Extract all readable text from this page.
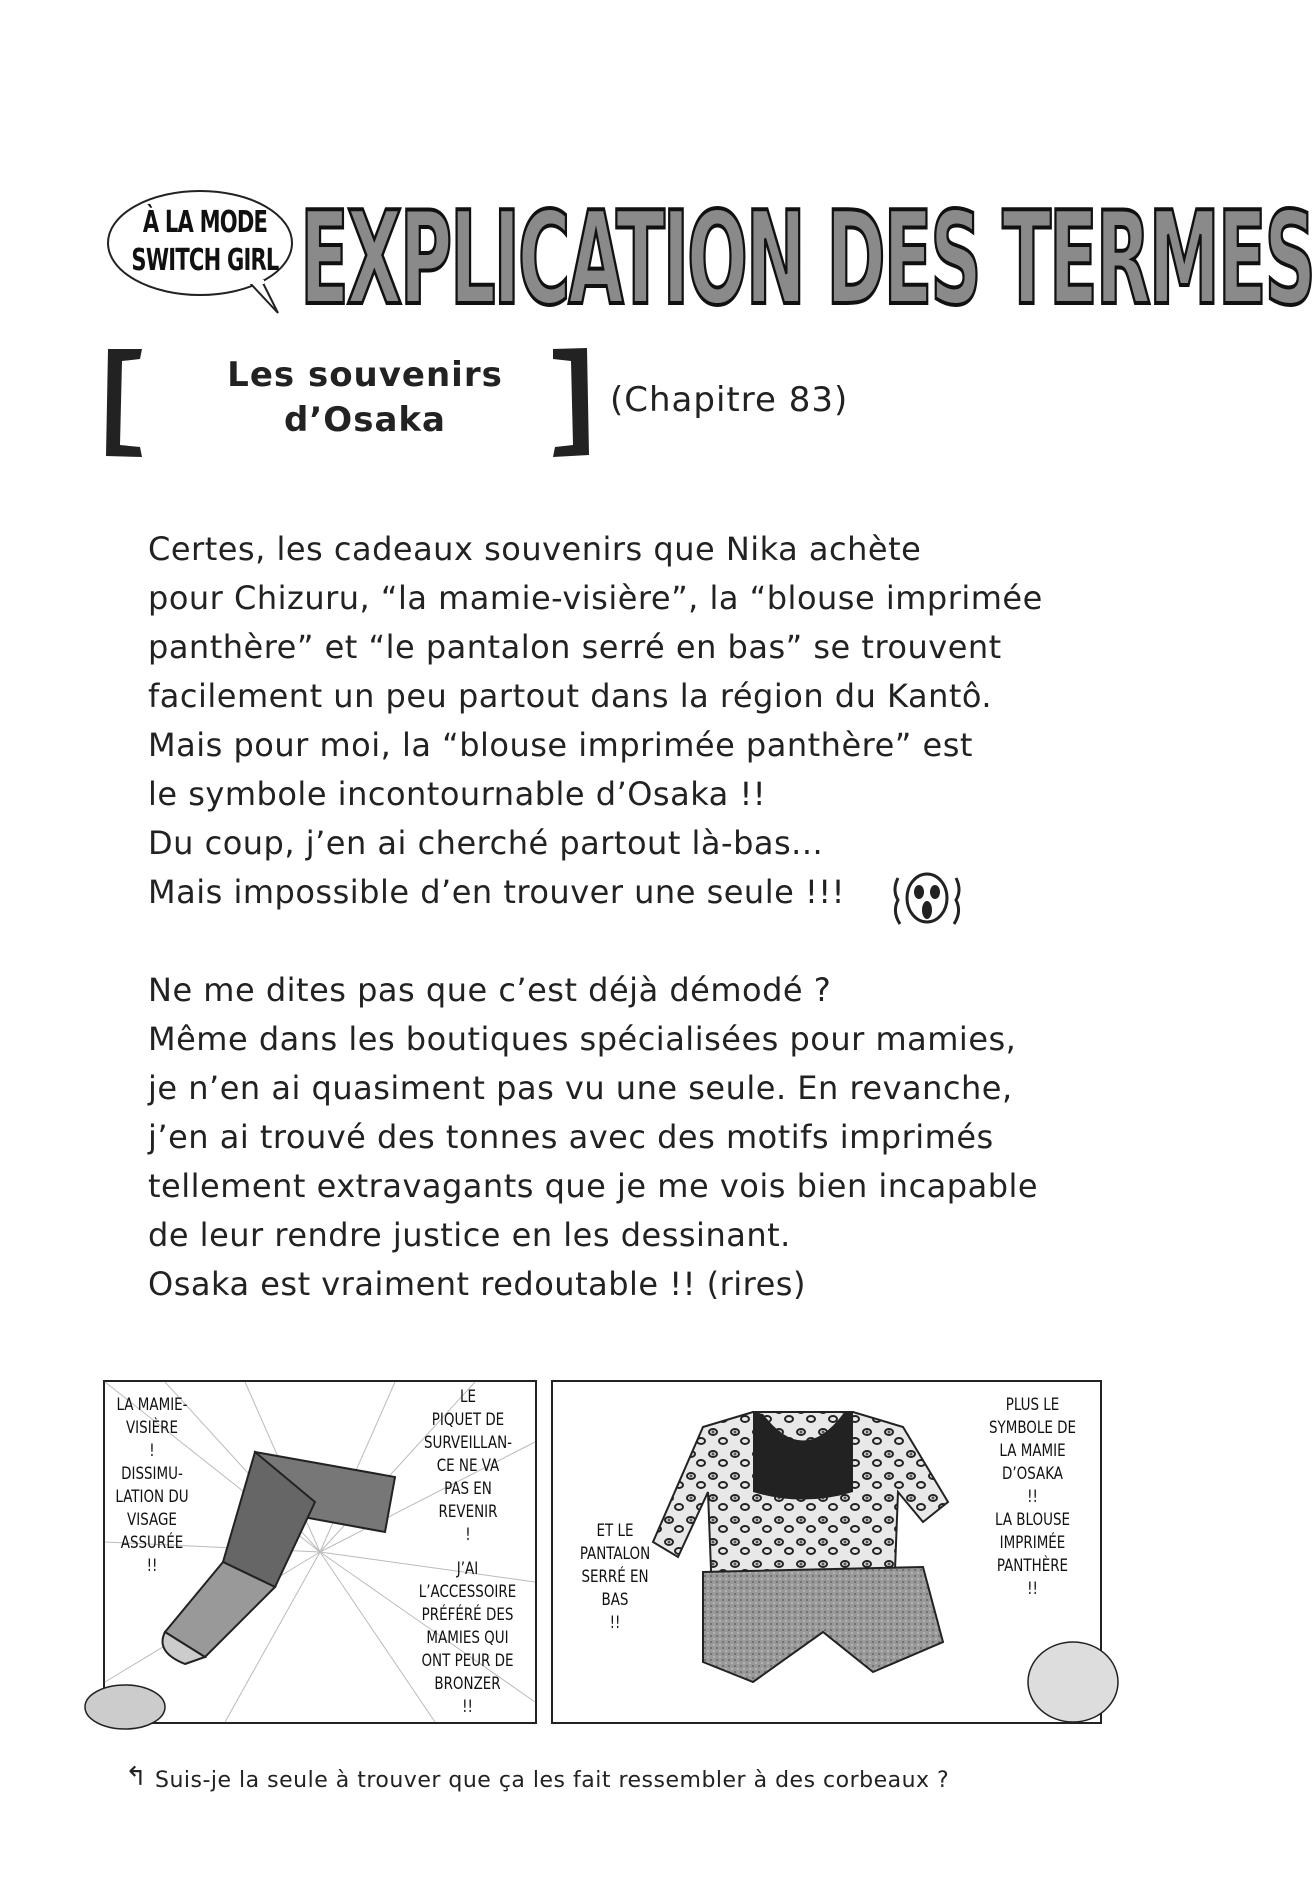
À LA MODE
SWITCH GIRL EXPLICATION DES TERMES
Les souvenirs
d’Osaka	(Chapitre 83)
Certes, les cadeaux souvenirs que Nika achète
pour Chizuru, “la mamie-visière”, la “blouse imprimée
panthère” et “le pantalon serré en bas” se trouvent
facilement un peu partout dans la région du Kantô.
Mais pour moi, la “blouse imprimée panthère” est
le symbole incontournable d’Osaka !!
Du coup, j’en ai cherché partout là-bas...
Mais impossible d’en trouver une seule !!!
Ne me dites pas que c’est déjà démodé ?
Même dans les boutiques spécialisées pour mamies,
je n’en ai quasiment pas vu une seule. En revanche,
j’en ai trouvé des tonnes avec des motifs imprimés
tellement extravagants que je me vois bien incapable
de leur rendre justice en les dessinant.
Osaka est vraiment redoutable !! (rires)
LA MAMIE-
VISIÈRE
!
DISSIMU-
LATION DU
VISAGE
ASSURÉE
!!
LE
PIQUET DE
SURVEILLAN-
CE NE VA
PAS EN
REVENIR
!
J’AI
L’ACCESSOIRE
PRÉFÉRÉ DES
MAMIES QUI
ONT PEUR DE
BRONZER
!!
ET LE
PANTALON
SERRÉ EN
BAS
!!
PLUS LE
SYMBOLE DE
LA MAMIE
D’OSAKA
!!
LA BLOUSE
IMPRIMÉE
PANTHÈRE
!!
↰ Suis-je la seule à trouver que ça les fait ressembler à des corbeaux ?
